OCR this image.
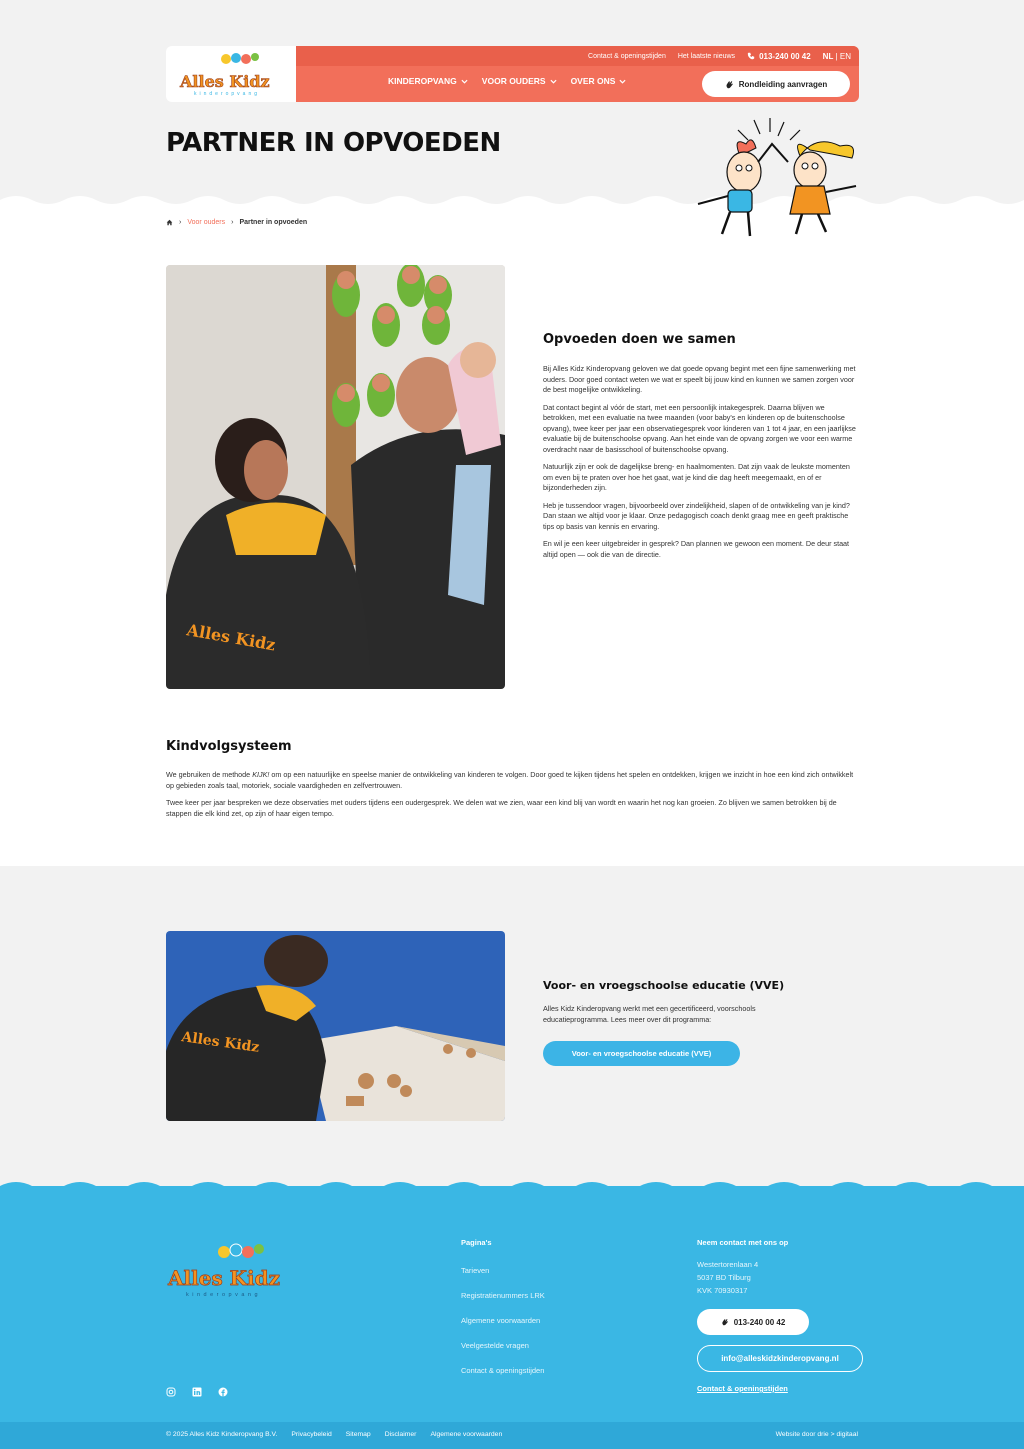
Alles Kidz
kinderopvang
Contact & openingstijden Het laatste nieuws	013-240 00 42 NL | EN
KINDEROPVANG	VOOR OUDERS	OVER ONS	Rondleiding aanvragen
PARTNER IN OPVOEDEN
› Voor ouders › Partner in opvoeden
Alles Kidz
Opvoeden doen we samen

Bij Alles Kidz Kinderopvang geloven we dat goede opvang begint met een fijne samenwerking met ouders. Door goed contact weten we wat er speelt bij jouw kind en kunnen we samen zorgen voor de best mogelijke ontwikkeling.

Dat contact begint al vóór de start, met een persoonlijk intakegesprek. Daarna blijven we betrokken, met een evaluatie na twee maanden (voor baby's en kinderen op de buitenschoolse opvang), twee keer per jaar een observatiegesprek voor kinderen van 1 tot 4 jaar, en een jaarlijkse evaluatie bij de buitenschoolse opvang. Aan het einde van de opvang zorgen we voor een warme overdracht naar de basisschool of buitenschoolse opvang.

Natuurlijk zijn er ook de dagelijkse breng- en haalmomenten. Dat zijn vaak de leukste momenten om even bij te praten over hoe het gaat, wat je kind die dag heeft meegemaakt, en of er bijzonderheden zijn.

Heb je tussendoor vragen, bijvoorbeeld over zindelijkheid, slapen of de ontwikkeling van je kind? Dan staan we altijd voor je klaar. Onze pedagogisch coach denkt graag mee en geeft praktische tips op basis van kennis en ervaring.

En wil je een keer uitgebreider in gesprek? Dan plannen we gewoon een moment. De deur staat altijd open — ook die van de directie.

Kindvolgsysteem

We gebruiken de methode KIJK! om op een natuurlijke en speelse manier de ontwikkeling van kinderen te volgen. Door goed te kijken tijdens het spelen en ontdekken, krijgen we inzicht in hoe een kind zich ontwikkelt op gebieden zoals taal, motoriek, sociale vaardigheden en zelfvertrouwen.

Twee keer per jaar bespreken we deze observaties met ouders tijdens een oudergesprek. We delen wat we zien, waar een kind blij van wordt en waarin het nog kan groeien. Zo blijven we samen betrokken bij de stappen die elk kind zet, op zijn of haar eigen tempo.

Alles Kidz
Voor- en vroegschoolse educatie (VVE)
Alles Kidz Kinderopvang werkt met een gecertificeerd, voorschools educatieprogramma. Lees meer over dit programma:
Voor- en vroegschoolse educatie (VVE)
Alles Kidz
kinderopvang
Pagina's
Tarieven
Registratienummers LRK
Algemene voorwaarden
Veelgestelde vragen
Contact & openingstijden
Neem contact met ons op
Westertorenlaan 4
5037 BD Tilburg
KVK 70930317
013-240 00 42
info@alleskidzkinderopvang.nl
Contact & openingstijden
© 2025 Alles Kidz Kinderopvang B.V. Privacybeleid Sitemap Disclaimer Algemene voorwaarden	Website door drie > digitaal
